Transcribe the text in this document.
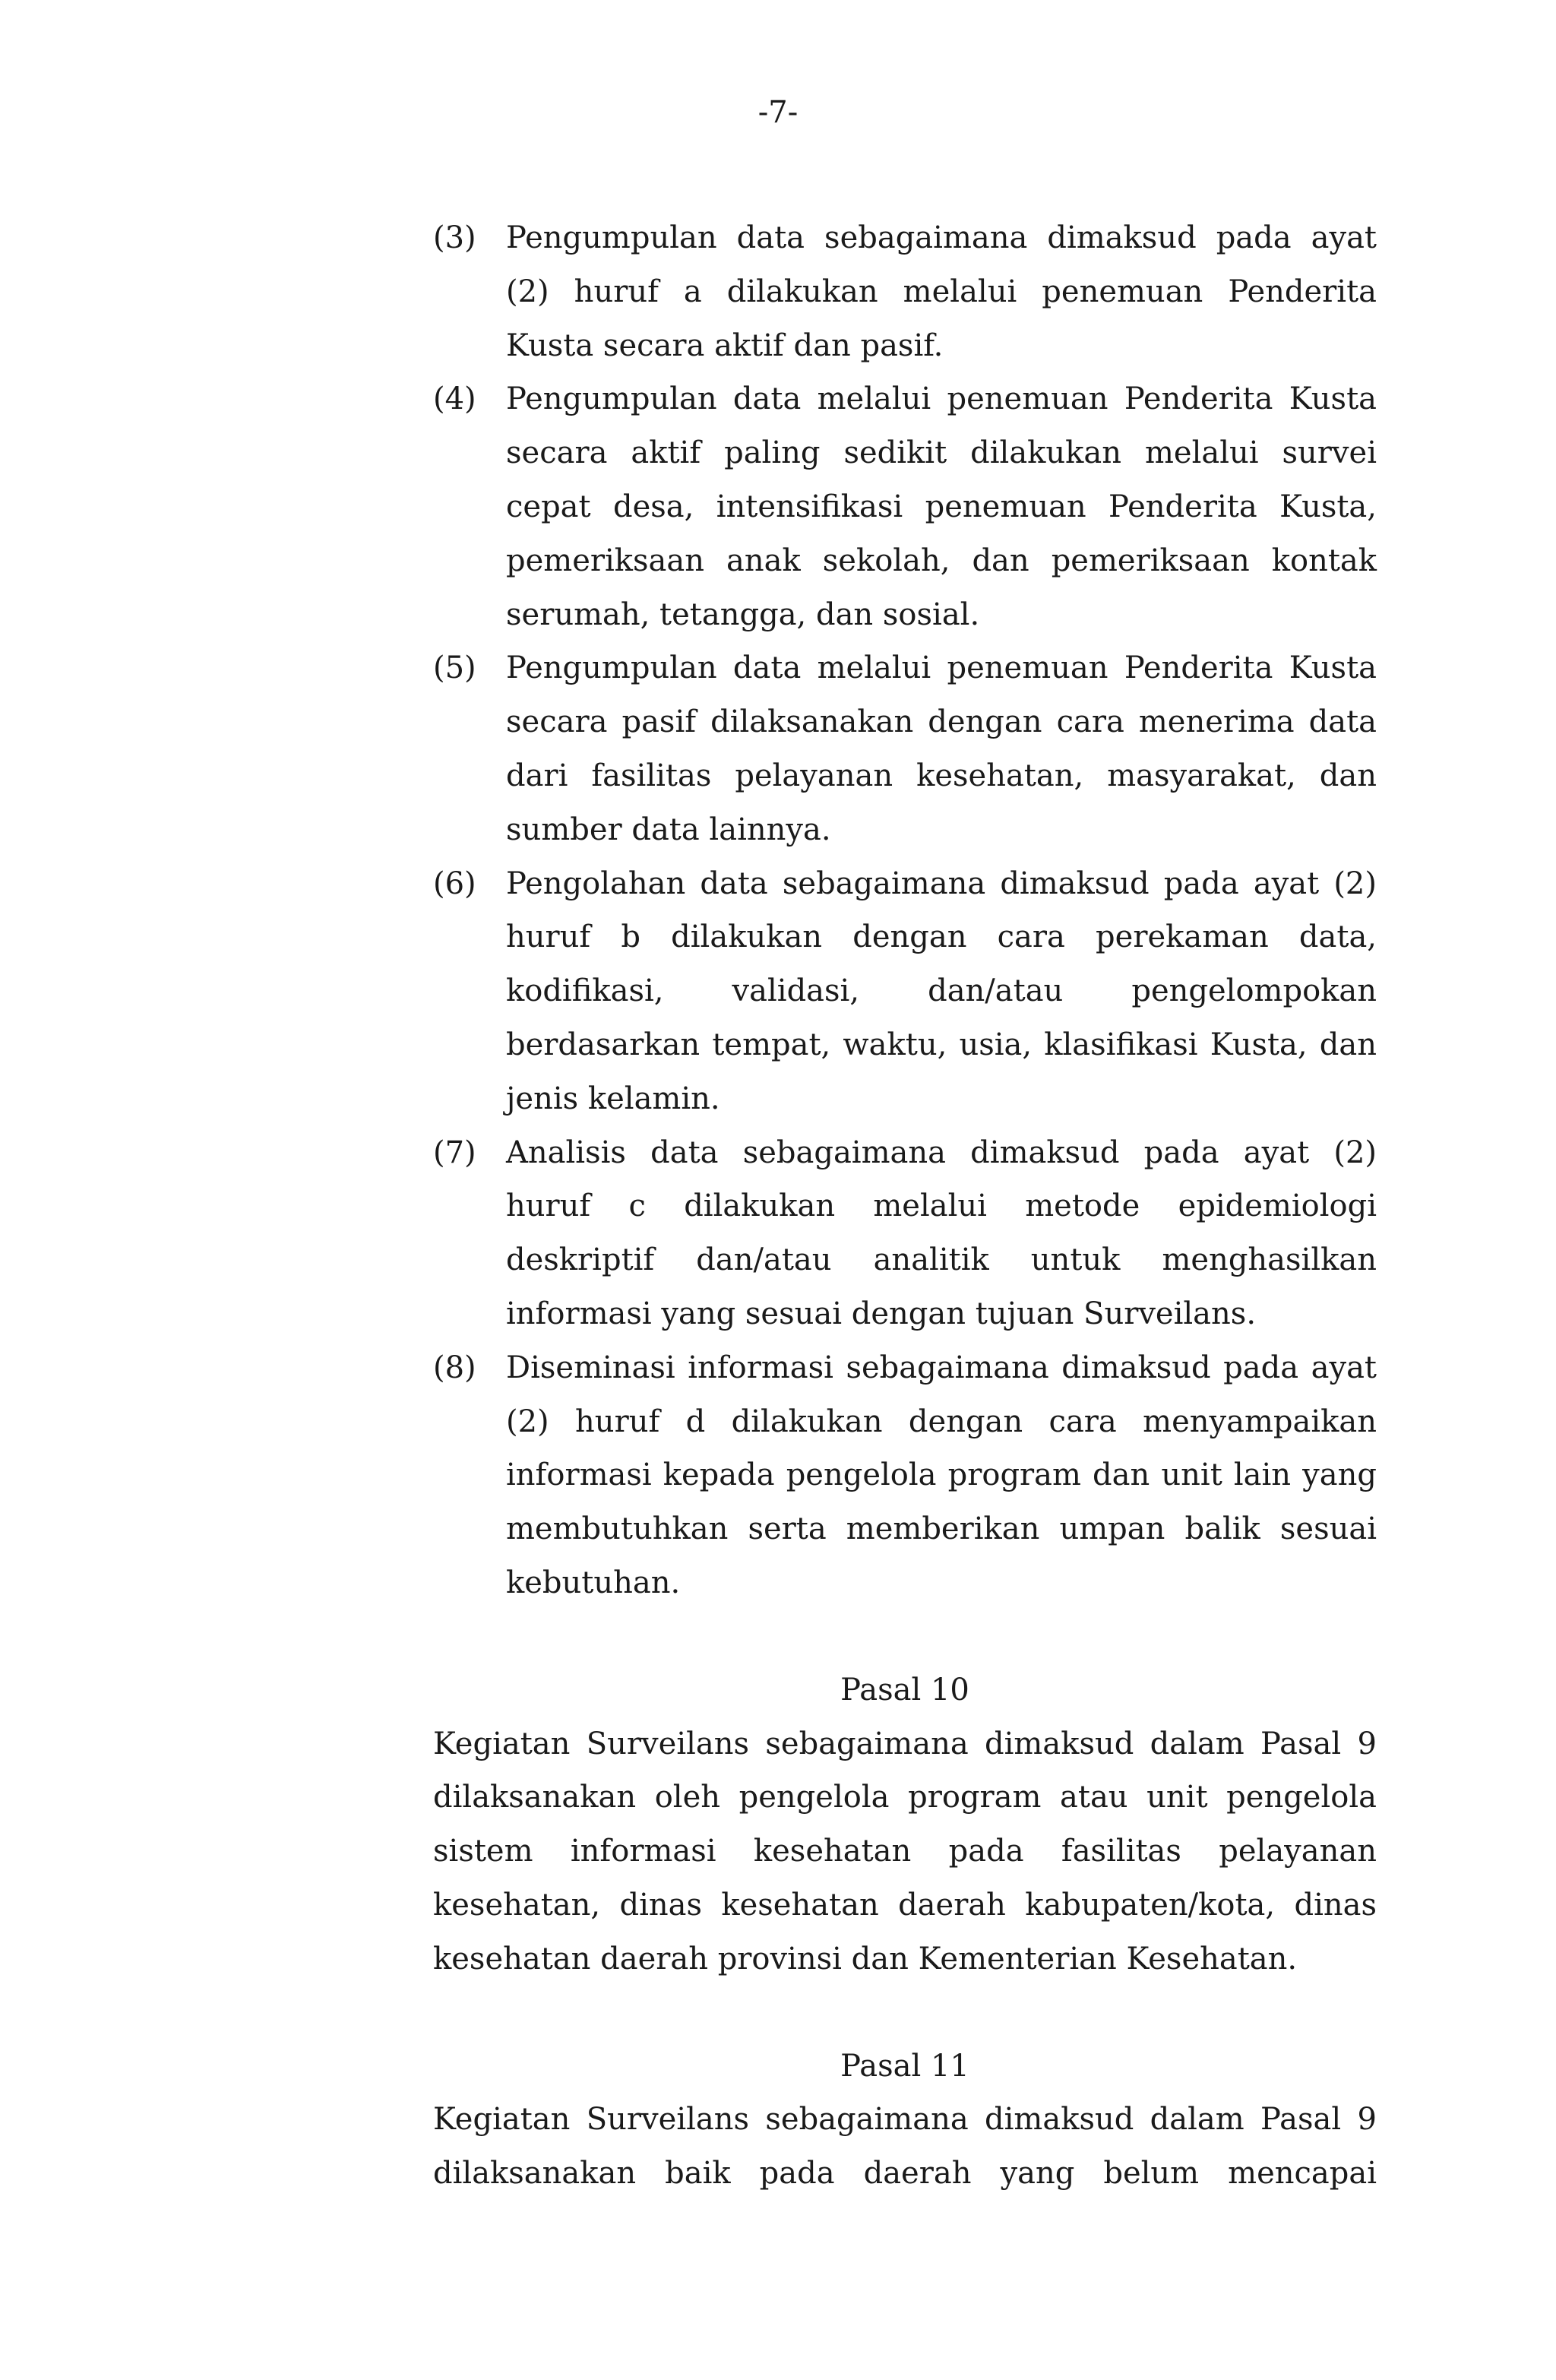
-7-
(3) Pengumpulan data sebagaimana dimaksud pada ayat (2) huruf a dilakukan melalui penemuan Penderita Kusta secara aktif dan pasif.
(4) Pengumpulan data melalui penemuan Penderita Kusta secara aktif paling sedikit dilakukan melalui survei cepat desa, intensifikasi penemuan Penderita Kusta, pemeriksaan anak sekolah, dan pemeriksaan kontak serumah, tetangga, dan sosial.
(5) Pengumpulan data melalui penemuan Penderita Kusta secara pasif dilaksanakan dengan cara menerima data dari fasilitas pelayanan kesehatan, masyarakat, dan sumber data lainnya.
(6) Pengolahan data sebagaimana dimaksud pada ayat (2) huruf b dilakukan dengan cara perekaman data, kodifikasi, validasi, dan/atau pengelompokan berdasarkan tempat, waktu, usia, klasifikasi Kusta, dan jenis kelamin.
(7) Analisis data sebagaimana dimaksud pada ayat (2) huruf c dilakukan melalui metode epidemiologi deskriptif dan/atau analitik untuk menghasilkan informasi yang sesuai dengan tujuan Surveilans.
(8) Diseminasi informasi sebagaimana dimaksud pada ayat (2) huruf d dilakukan dengan cara menyampaikan informasi kepada pengelola program dan unit lain yang membutuhkan serta memberikan umpan balik sesuai kebutuhan.
Pasal 10
Kegiatan Surveilans sebagaimana dimaksud dalam Pasal 9 dilaksanakan oleh pengelola program atau unit pengelola sistem informasi kesehatan pada fasilitas pelayanan kesehatan, dinas kesehatan daerah kabupaten/kota, dinas kesehatan daerah provinsi dan Kementerian Kesehatan.
Pasal 11
Kegiatan Surveilans sebagaimana dimaksud dalam Pasal 9 dilaksanakan baik pada daerah yang belum mencapai
